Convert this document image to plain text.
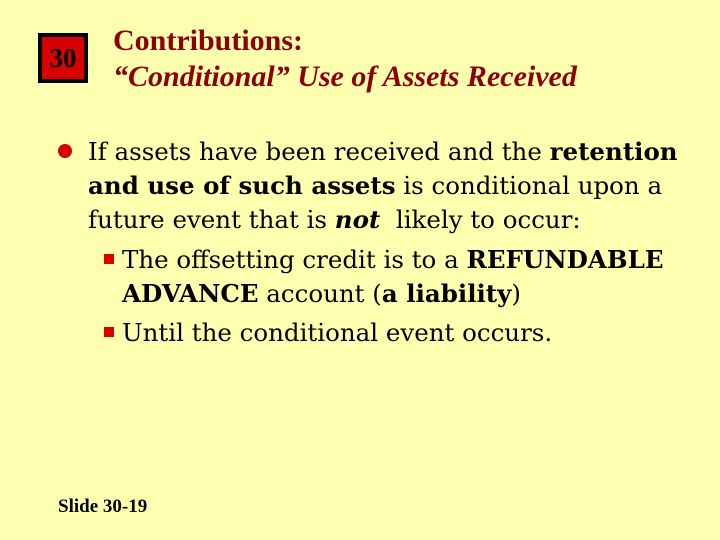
30
Contributions:
“Conditional” Use of Assets Received
If assets have been received and the retention
and use of such assets is conditional upon a
future event that is not  likely to occur:
The offsetting credit is to a REFUNDABLE
ADVANCE account (a liability)
Until the conditional event occurs.
Slide 30-19
